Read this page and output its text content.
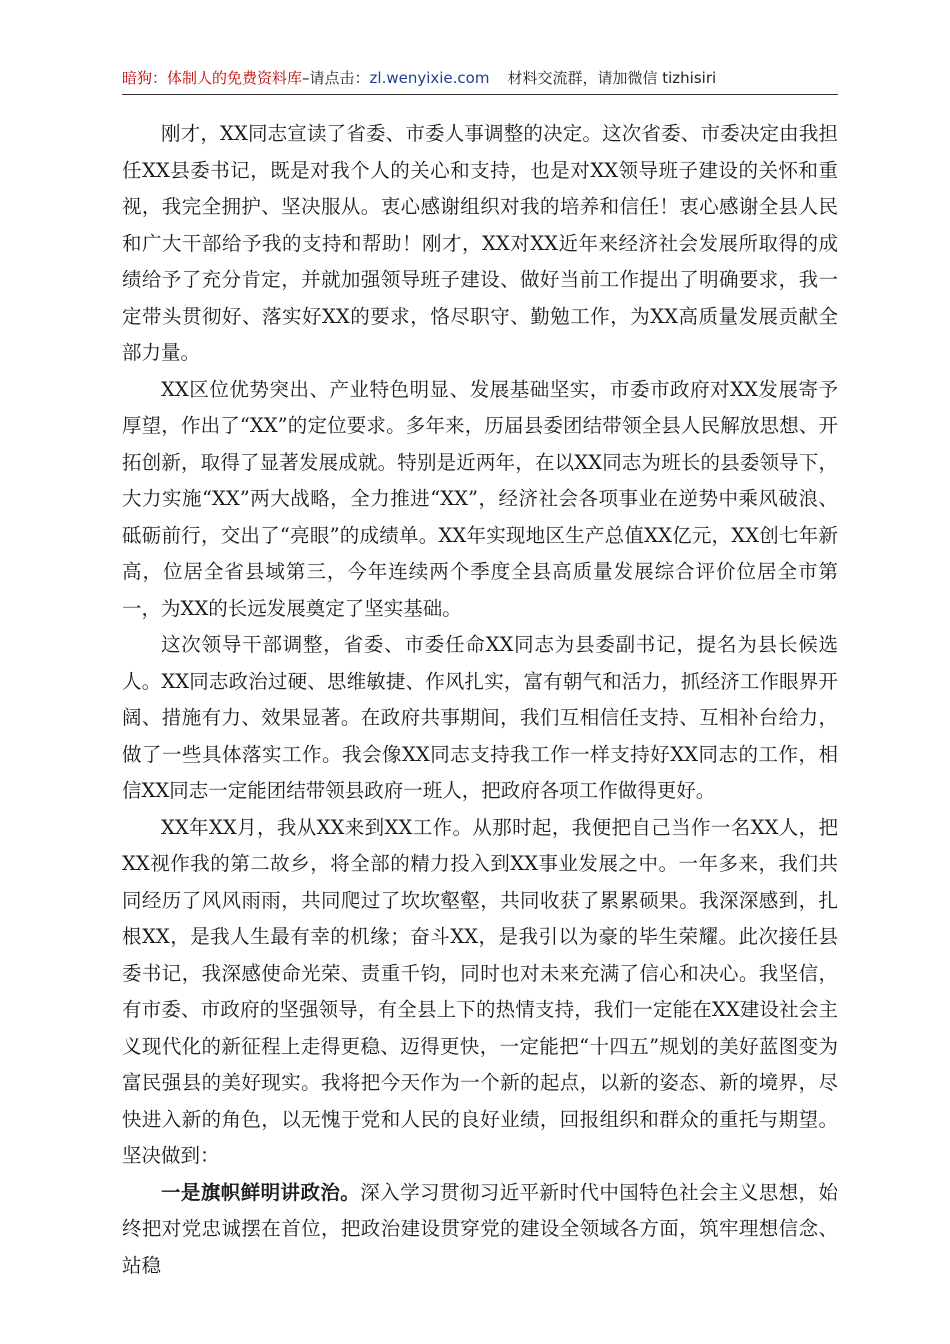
暗狗：体制人的免费资料库–请点击：zl.wenyixie.com 材料交流群，请加微信 tizhisiri

刚才，XX同志宣读了省委、市委人事调整的决定。这次省委、市委决定由我担任XX县委书记，既是对我个人的关心和支持，也是对XX领导班子建设的关怀和重视，我完全拥护、坚决服从。衷心感谢组织对我的培养和信任！衷心感谢全县人民和广大干部给予我的支持和帮助！刚才，XX对XX近年来经济社会发展所取得的成绩给予了充分肯定，并就加强领导班子建设、做好当前工作提出了明确要求，我一定带头贯彻好、落实好XX的要求，恪尽职守、勤勉工作，为XX高质量发展贡献全部力量。

XX区位优势突出、产业特色明显、发展基础坚实，市委市政府对XX发展寄予厚望，作出了“XX”的定位要求。多年来，历届县委团结带领全县人民解放思想、开拓创新，取得了显著发展成就。特别是近两年，在以XX同志为班长的县委领导下，大力实施“XX”两大战略，全力推进“XX”，经济社会各项事业在逆势中乘风破浪、砥砺前行，交出了“亮眼”的成绩单。XX年实现地区生产总值XX亿元，XX创七年新高，位居全省县域第三，今年连续两个季度全县高质量发展综合评价位居全市第一，为XX的长远发展奠定了坚实基础。

这次领导干部调整，省委、市委任命XX同志为县委副书记，提名为县长候选人。XX同志政治过硬、思维敏捷、作风扎实，富有朝气和活力，抓经济工作眼界开阔、措施有力、效果显著。在政府共事期间，我们互相信任支持、互相补台给力，做了一些具体落实工作。我会像XX同志支持我工作一样支持好XX同志的工作，相信XX同志一定能团结带领县政府一班人，把政府各项工作做得更好。

XX年XX月，我从XX来到XX工作。从那时起，我便把自己当作一名XX人，把XX视作我的第二故乡，将全部的精力投入到XX事业发展之中。一年多来，我们共同经历了风风雨雨，共同爬过了坎坎壑壑，共同收获了累累硕果。我深深感到，扎根XX，是我人生最有幸的机缘；奋斗XX，是我引以为豪的毕生荣耀。此次接任县委书记，我深感使命光荣、责重千钧，同时也对未来充满了信心和决心。我坚信，有市委、市政府的坚强领导，有全县上下的热情支持，我们一定能在XX建设社会主义现代化的新征程上走得更稳、迈得更快，一定能把“十四五”规划的美好蓝图变为富民强县的美好现实。我将把今天作为一个新的起点，以新的姿态、新的境界，尽快进入新的角色，以无愧于党和人民的良好业绩，回报组织和群众的重托与期望。坚决做到：

一是旗帜鲜明讲政治。深入学习贯彻习近平新时代中国特色社会主义思想，始终把对党忠诚摆在首位，把政治建设贯穿党的建设全领域各方面，筑牢理想信念、站稳
